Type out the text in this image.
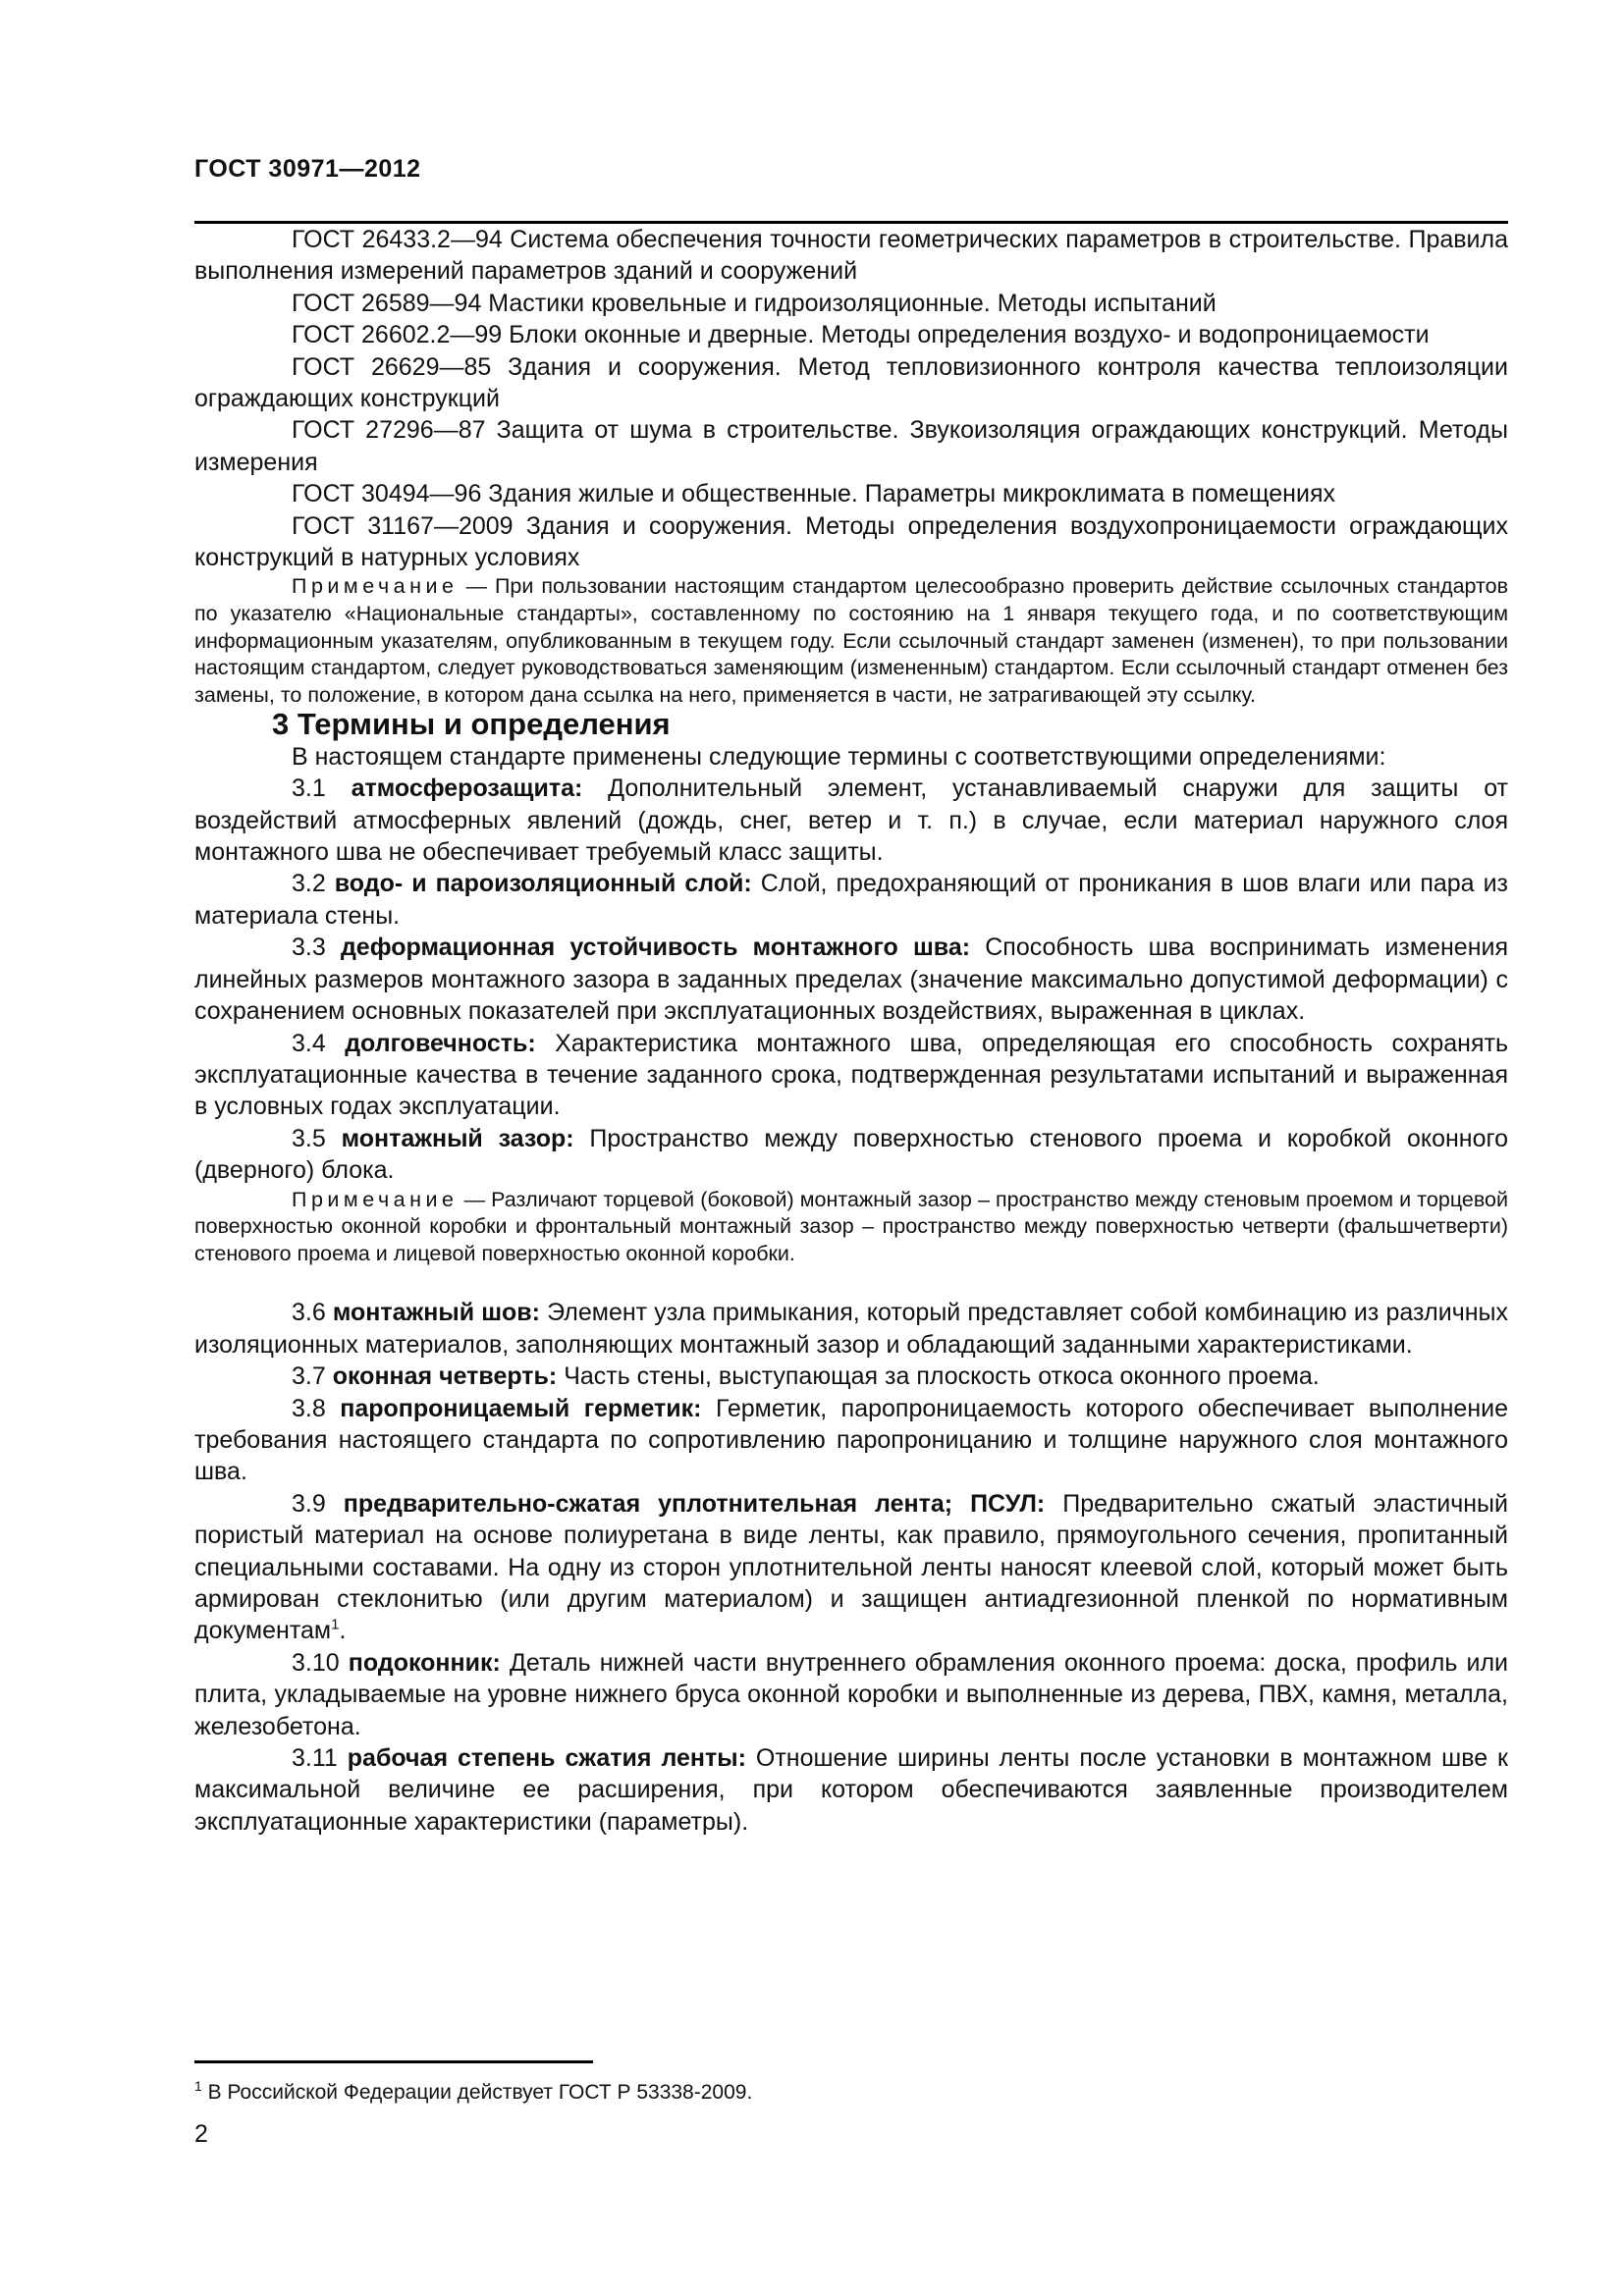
ГОСТ 30971—2012

ГОСТ 26433.2—94 Система обеспечения точности геометрических параметров в строительстве. Правила выполнения измерений параметров зданий и сооружений

ГОСТ 26589—94 Мастики кровельные и гидроизоляционные. Методы испытаний

ГОСТ 26602.2—99 Блоки оконные и дверные. Методы определения воздухо- и водопроницаемости

ГОСТ 26629—85 Здания и сооружения. Метод тепловизионного контроля качества теплоизоляции ограждающих конструкций

ГОСТ 27296—87 Защита от шума в строительстве. Звукоизоляция ограждающих конструкций. Методы измерения

ГОСТ 30494—96 Здания жилые и общественные. Параметры микроклимата в помещениях

ГОСТ 31167—2009 Здания и сооружения. Методы определения воздухопроницаемости ограждающих конструкций в натурных условиях

Примечание — При пользовании настоящим стандартом целесообразно проверить действие ссылочных стандартов по указателю «Национальные стандарты», составленному по состоянию на 1 января текущего года, и по соответствующим информационным указателям, опубликованным в текущем году. Если ссылочный стандарт заменен (изменен), то при пользовании настоящим стандартом, следует руководствоваться заменяющим (измененным) стандартом. Если ссылочный стандарт отменен без замены, то положение, в котором дана ссылка на него, применяется в части, не затрагивающей эту ссылку.

3 Термины и определения

В настоящем стандарте применены следующие термины с соответствующими определениями:

3.1 атмосферозащита: Дополнительный элемент, устанавливаемый снаружи для защиты от воздействий атмосферных явлений (дождь, снег, ветер и т. п.) в случае, если материал наружного слоя монтажного шва не обеспечивает требуемый класс защиты.

3.2 водо- и пароизоляционный слой: Слой, предохраняющий от проникания в шов влаги или пара из материала стены.

3.3 деформационная устойчивость монтажного шва: Способность шва воспринимать изменения линейных размеров монтажного зазора в заданных пределах (значение максимально допустимой деформации) с сохранением основных показателей при эксплуатационных воздействиях, выраженная в циклах.

3.4 долговечность: Характеристика монтажного шва, определяющая его способность сохранять эксплуатационные качества в течение заданного срока, подтвержденная результатами испытаний и выраженная в условных годах эксплуатации.

3.5 монтажный зазор: Пространство между поверхностью стенового проема и коробкой оконного (дверного) блока.

Примечание — Различают торцевой (боковой) монтажный зазор – пространство между стеновым проемом и торцевой поверхностью оконной коробки и фронтальный монтажный зазор – пространство между поверхностью четверти (фальшчетверти) стенового проема и лицевой поверхностью оконной коробки.

3.6 монтажный шов: Элемент узла примыкания, который представляет собой комбинацию из различных изоляционных материалов, заполняющих монтажный зазор и обладающий заданными характеристиками.

3.7 оконная четверть: Часть стены, выступающая за плоскость откоса оконного проема.

3.8 паропроницаемый герметик: Герметик, паропроницаемость которого обеспечивает выполнение требования настоящего стандарта по сопротивлению паропроницанию и толщине наружного слоя монтажного шва.

3.9 предварительно-сжатая уплотнительная лента; ПСУЛ: Предварительно сжатый эластичный пористый материал на основе полиуретана в виде ленты, как правило, прямоугольного сечения, пропитанный специальными составами. На одну из сторон уплотнительной ленты наносят клеевой слой, который может быть армирован стеклонитью (или другим материалом) и защищен антиадгезионной пленкой по нормативным документам$^1$.

3.10 подоконник: Деталь нижней части внутреннего обрамления оконного проема: доска, профиль или плита, укладываемые на уровне нижнего бруса оконной коробки и выполненные из дерева, ПВХ, камня, металла, железобетона.

3.11 рабочая степень сжатия ленты: Отношение ширины ленты после установки в монтажном шве к максимальной величине ее расширения, при котором обеспечиваются заявленные производителем эксплуатационные характеристики (параметры).

$^1$ В Российской Федерации действует ГОСТ Р 53338-2009.
2
